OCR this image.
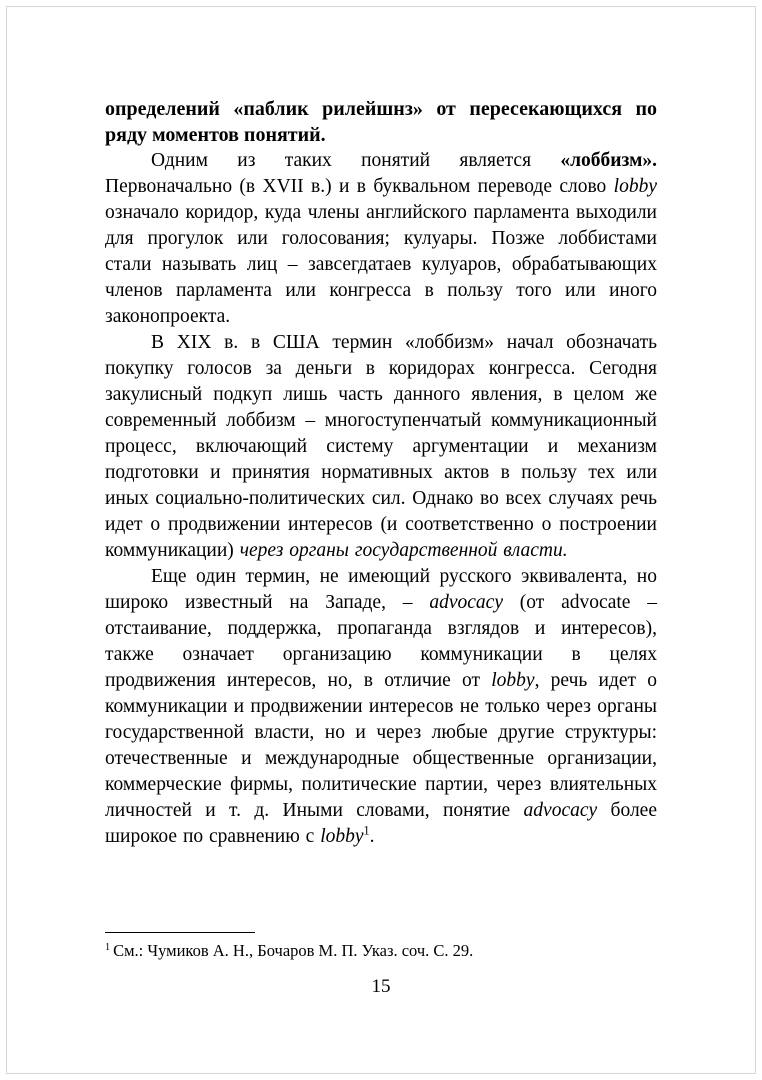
определений «паблик рилейшнз» от пересекающихся по ряду моментов понятий.

Одним из таких понятий является «лоббизм». Первоначально (в XVII в.) и в буквальном переводе слово lobby означало коридор, куда члены английского парламента выходили для прогулок или голосования; кулуары. Позже лоббистами стали называть лиц – завсегдатаев кулуаров, обрабатывающих членов парламента или конгресса в пользу того или иного законопроекта.

В XIX в. в США термин «лоббизм» начал обозначать покупку голосов за деньги в коридорах конгресса. Сегодня закулисный подкуп лишь часть данного явления, в целом же современный лоббизм – многоступенчатый коммуникационный процесс, включающий систему аргументации и механизм подготовки и принятия нормативных актов в пользу тех или иных социально-политических сил. Однако во всех случаях речь идет о продвижении интересов (и соответственно о построении коммуникации) через органы государственной власти.

Еще один термин, не имеющий русского эквивалента, но широко известный на Западе, – advocacy (от advocate – отстаивание, поддержка, пропаганда взглядов и интересов), также означает организацию коммуникации в целях продвижения интересов, но, в отличие от lobby, речь идет о коммуникации и продвижении интересов не только через органы государственной власти, но и через любые другие структуры: отечественные и международные общественные организации, коммерческие фирмы, политические партии, через влиятельных личностей и т. д. Иными словами, понятие advocacy более широкое по сравнению с lobby$^1$.

$^1$ См.: Чумиков А. Н., Бочаров М. П. Указ. соч. С. 29.

15
